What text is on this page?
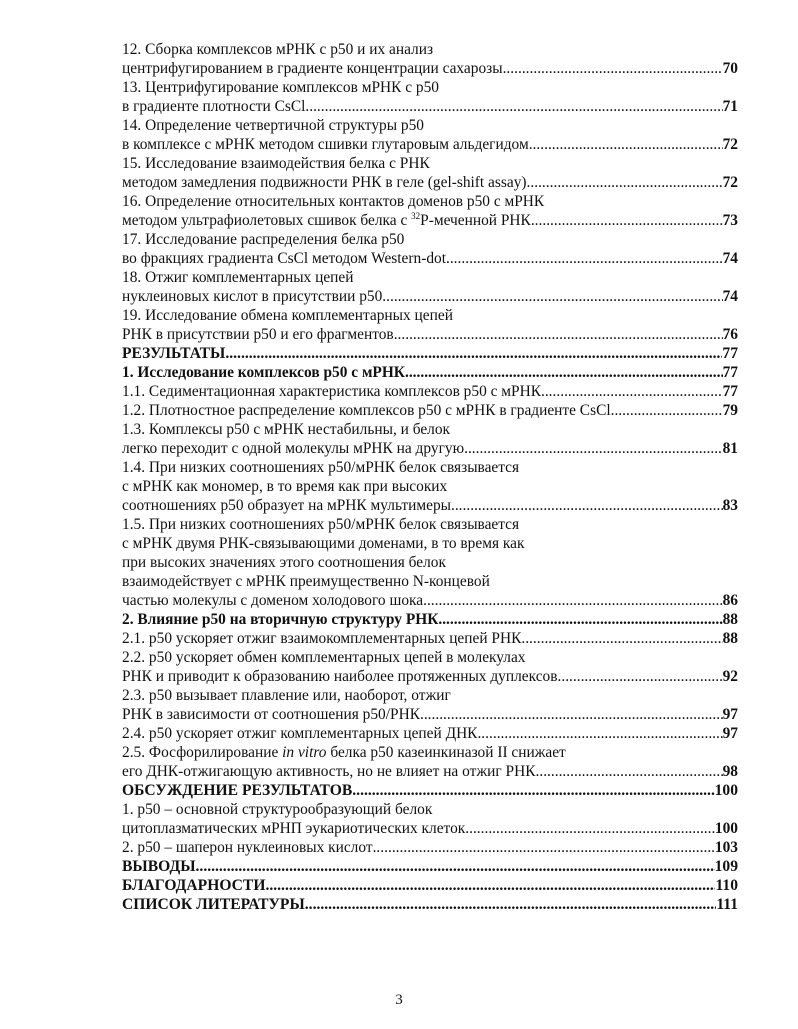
12. Сборка комплексов мРНК с р50 и их анализ
центрифугированием в градиенте концентрации сахарозы .....	70
13. Центрифугирование комплексов мРНК с р50
в градиенте плотности CsCl .....	71
14. Определение четвертичной структуры р50
в комплексе с мРНК методом сшивки глутаровым альдегидом .....	72
15. Исследование взаимодействия белка с РНК
методом замедления подвижности РНК в геле (gel-shift assay) .....	72
16. Определение относительных контактов доменов р50 с мРНК
методом ультрафиолетовых сшивок белка с $^{32}$P-меченной РНК .....	73
17. Исследование распределения белка р50
во фракциях градиента CsCl методом Western-dot .....	74
18. Отжиг комплементарных цепей
нуклеиновых кислот в присутствии р50 .....	74
19. Исследование обмена комплементарных цепей
РНК в присутствии р50 и его фрагментов .....	76
РЕЗУЛЬТАТЫ .....	77
1. Исследование комплексов р50 с мРНК .....	77
1.1. Седиментационная характеристика комплексов р50 с мРНК .....	77
1.2. Плотностное распределение комплексов р50 с мРНК в градиенте CsCl .....	79
1.3. Комплексы р50 с мРНК нестабильны, и белок
легко переходит с одной молекулы мРНК на другую .....	81
1.4. При низких соотношениях р50/мРНК белок связывается
с мРНК как мономер, в то время как при высоких
соотношениях р50 образует на мРНК мультимеры .....	83
1.5. При низких соотношениях р50/мРНК белок связывается
с мРНК двумя РНК-связывающими доменами, в то время как
при высоких значениях этого соотношения белок
взаимодействует с мРНК преимущественно N-концевой
частью молекулы с доменом холодового шока .....	86
2. Влияние р50 на вторичную структуру РНК .....	88
2.1. р50 ускоряет отжиг взаимокомплементарных цепей РНК .....	88
2.2. р50 ускоряет обмен комплементарных цепей в молекулах
РНК и приводит к образованию наиболее протяженных дуплексов .....	92
2.3. р50 вызывает плавление или, наоборот, отжиг
РНК в зависимости от соотношения р50/РНК .....	97
2.4. р50 ускоряет отжиг комплементарных цепей ДНК .....	97
2.5. Фосфорилирование in vitro белка р50 казеинкиназой II снижает
его ДНК-отжигающую активность, но не влияет на отжиг РНК .....	98
ОБСУЖДЕНИЕ РЕЗУЛЬТАТОВ .....	100
1. р50 – основной структурообразующий белок
цитоплазматических мРНП эукариотических клеток .....	100
2. р50 – шаперон нуклеиновых кислот .....	103
ВЫВОДЫ .....	109
БЛАГОДАРНОСТИ .....	110
СПИСОК ЛИТЕРАТУРЫ .....	111
3
